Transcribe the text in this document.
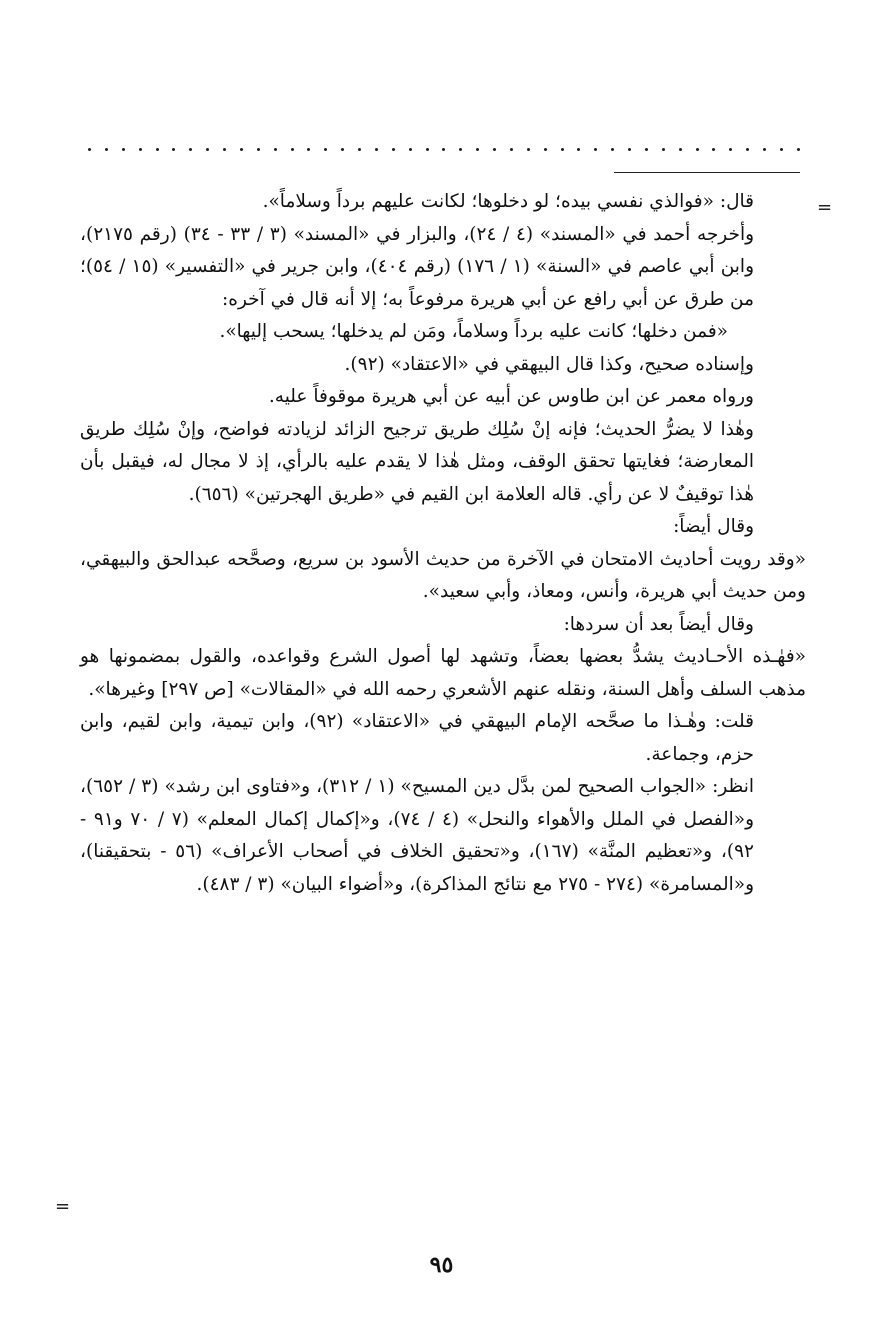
=
=

قال: «فوالذي نفسي بيده؛ لو دخلوها؛ لكانت عليهم برداً وسلاماً».

وأخرجه أحمد في «المسند» (٤ / ٢٤)، والبزار في «المسند» (٣ / ٣٣ - ٣٤) (رقم ٢١٧٥)، وابن أبي عاصم في «السنة» (١ / ١٧٦) (رقم ٤٠٤)، وابن جرير في «التفسير» (١٥ / ٥٤)؛ من طرق عن أبي رافع عن أبي هريرة مرفوعاً به؛ إلا أنه قال في آخره:

«فمن دخلها؛ كانت عليه برداً وسلاماً، ومَن لم يدخلها؛ يسحب إليها».

وإسناده صحيح، وكذا قال البيهقي في «الاعتقاد» (٩٢).

ورواه معمر عن ابن طاوس عن أبيه عن أبي هريرة موقوفاً عليه.

وهٰذا لا يضرُّ الحديث؛ فإنه إنْ سُلِك طريق ترجيح الزائد لزيادته فواضح، وإنْ سُلِك طريق المعارضة؛ فغايتها تحقق الوقف، ومثل هٰذا لا يقدم عليه بالرأي، إذ لا مجال له، فيقبل بأن هٰذا توقيفٌ لا عن رأي. قاله العلامة ابن القيم في «طريق الهجرتين» (٦٥٦).

وقال أيضاً:

«وقد رويت أحاديث الامتحان في الآخرة من حديث الأسود بن سريع، وصحَّحه عبدالحق والبيهقي، ومن حديث أبي هريرة، وأنس، ومعاذ، وأبي سعيد».

وقال أيضاً بعد أن سردها:

«فهٰـذه الأحـاديث يشدُّ بعضها بعضاً، وتشهد لها أصول الشرع وقواعده، والقول بمضمونها هو مذهب السلف وأهل السنة، ونقله عنهم الأشعري رحمه الله في «المقالات» [ص ٢٩٧] وغيرها».

قلت: وهٰـذا ما صحَّحه الإمام البيهقي في «الاعتقاد» (٩٢)، وابن تيمية، وابن لقيم، وابن حزم، وجماعة.

انظر: «الجواب الصحيح لمن بدَّل دين المسيح» (١ / ٣١٢)، و«فتاوى ابن رشد» (٣ / ٦٥٢)، و«الفصل في الملل والأهواء والنحل» (٤ / ٧٤)، و«إكمال إكمال المعلم» (٧ / ٧٠ و٩١ - ٩٢)، و«تعظيم المنَّة» (١٦٧)، و«تحقيق الخلاف في أصحاب الأعراف» (٥٦ - بتحقيقنا)، و«المسامرة» (٢٧٤ - ٢٧٥ مع نتائج المذاكرة)، و«أضواء البيان» (٣ / ٤٨٣).

٩٥
